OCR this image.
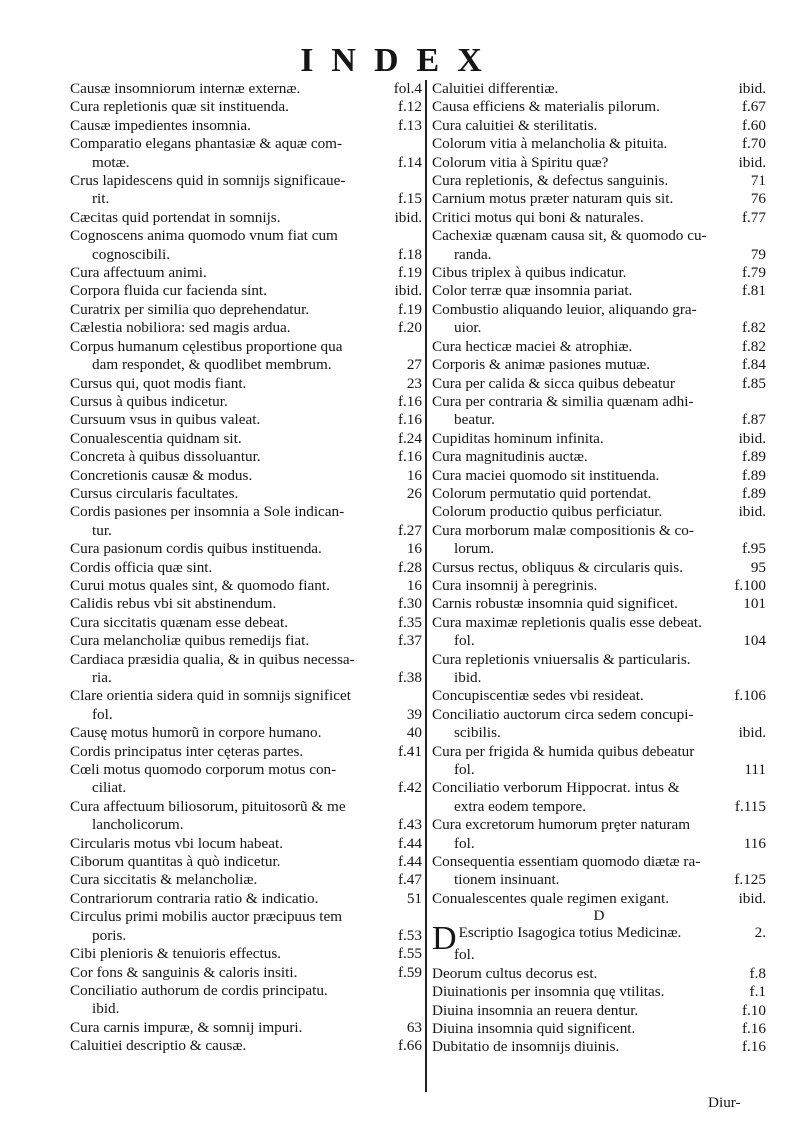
INDEX
Causæ insomniorum internæ externæ.	fol.4
Cura repletionis quæ sit instituenda.	f.12
Causæ impedientes insomnia.	f.13
Comparatio elegans phantasiæ & aquæ com-
motæ.	f.14
Crus lapidescens quid in somnijs significaue-
rit.	f.15
Cæcitas quid portendat in somnijs.	ibid.
Cognoscens anima quomodo vnum fiat cum
cognoscibili.	f.18
Cura affectuum animi.	f.19
Corpora fluida cur facienda sint.	ibid.
Curatrix per similia quo deprehendatur.	f.19
Cælestia nobiliora: sed magis ardua.	f.20
Corpus humanum cęlestibus proportione qua
dam respondet, & quodlibet membrum.	27
Cursus qui, quot modis fiant.	23
Cursus à quibus indicetur.	f.16
Cursuum vsus in quibus valeat.	f.16
Conualescentia quidnam sit.	f.24
Concreta à quibus dissoluantur.	f.16
Concretionis causæ & modus.	16
Cursus circularis facultates.	26
Cordis pasiones per insomnia a Sole indican-
tur.	f.27
Cura pasionum cordis quibus instituenda.	16
Cordis officia quæ sint.	f.28
Curui motus quales sint, & quomodo fiant.	16
Calidis rebus vbi sit abstinendum.	f.30
Cura siccitatis quænam esse debeat.	f.35
Cura melancholiæ quibus remedijs fiat.	f.37
Cardiaca præsidia qualia, & in quibus necessa-
ria.	f.38
Clare orientia sidera quid in somnijs significet
fol.	39
Causę motus humorũ in corpore humano.	40
Cordis principatus inter cęteras partes.	f.41
Cœli motus quomodo corporum motus con-
ciliat.	f.42
Cura affectuum biliosorum, pituitosorũ & me
lancholicorum.	f.43
Circularis motus vbi locum habeat.	f.44
Ciborum quantitas à quò indicetur.	f.44
Cura siccitatis & melancholiæ.	f.47
Contrariorum contraria ratio & indicatio.	51
Circulus primi mobilis auctor præcipuus tem
poris.	f.53
Cibi plenioris & tenuioris effectus.	f.55
Cor fons & sanguinis & caloris insiti.	f.59
Conciliatio authorum de cordis principatu.
ibid.
Cura carnis impuræ, & somnij impuri.	63
Caluitiei descriptio & causæ.	f.66
Caluitiei differentiæ.	ibid.
Causa efficiens & materialis pilorum.	f.67
Cura caluitiei & sterilitatis.	f.60
Colorum vitia à melancholia & pituita.	f.70
Colorum vitia à Spiritu quæ?	ibid.
Cura repletionis, & defectus sanguinis.	71
Carnium motus præter naturam quis sit.	76
Critici motus qui boni & naturales.	f.77
Cachexiæ quænam causa sit, & quomodo cu-
randa.	79
Cibus triplex à quibus indicatur.	f.79
Color terræ quæ insomnia pariat.	f.81
Combustio aliquando leuior, aliquando gra-
uior.	f.82
Cura hecticæ maciei & atrophiæ.	f.82
Corporis & animæ pasiones mutuæ.	f.84
Cura per calida & sicca quibus debeatur	f.85
Cura per contraria & similia quænam adhi-
beatur.	f.87
Cupiditas hominum infinita.	ibid.
Cura magnitudinis auctæ.	f.89
Cura maciei quomodo sit instituenda.	f.89
Colorum permutatio quid portendat.	f.89
Colorum productio quibus perficiatur.	ibid.
Cura morborum malæ compositionis & co-
lorum.	f.95
Cursus rectus, obliquus & circularis quis.	95
Cura insomnij à peregrinis.	f.100
Carnis robustæ insomnia quid significet.	101
Cura maximæ repletionis qualis esse debeat.
fol.	104
Cura repletionis vniuersalis & particularis.
ibid.
Concupiscentiæ sedes vbi resideat.	f.106
Conciliatio auctorum circa sedem concupi-
scibilis.	ibid.
Cura per frigida & humida quibus debeatur
fol.	111
Conciliatio verborum Hippocrat. intus &
extra eodem tempore.	f.115
Cura excretorum humorum prȩter naturam
fol.	116
Consequentia essentiam quomodo diætæ ra-
tionem insinuant.	f.125
Conualescentes quale regimen exigant.	ibid.
D
D Escriptio Isagogica totius Medicinæ.	2.
fol.
Deorum cultus decorus est.	f.8
Diuinationis per insomnia quę vtilitas.	f.1
Diuina insomnia an reuera dentur.	f.10
Diuina insomnia quid significent.	f.16
Dubitatio de insomnijs diuinis.	f.16
Diur-
